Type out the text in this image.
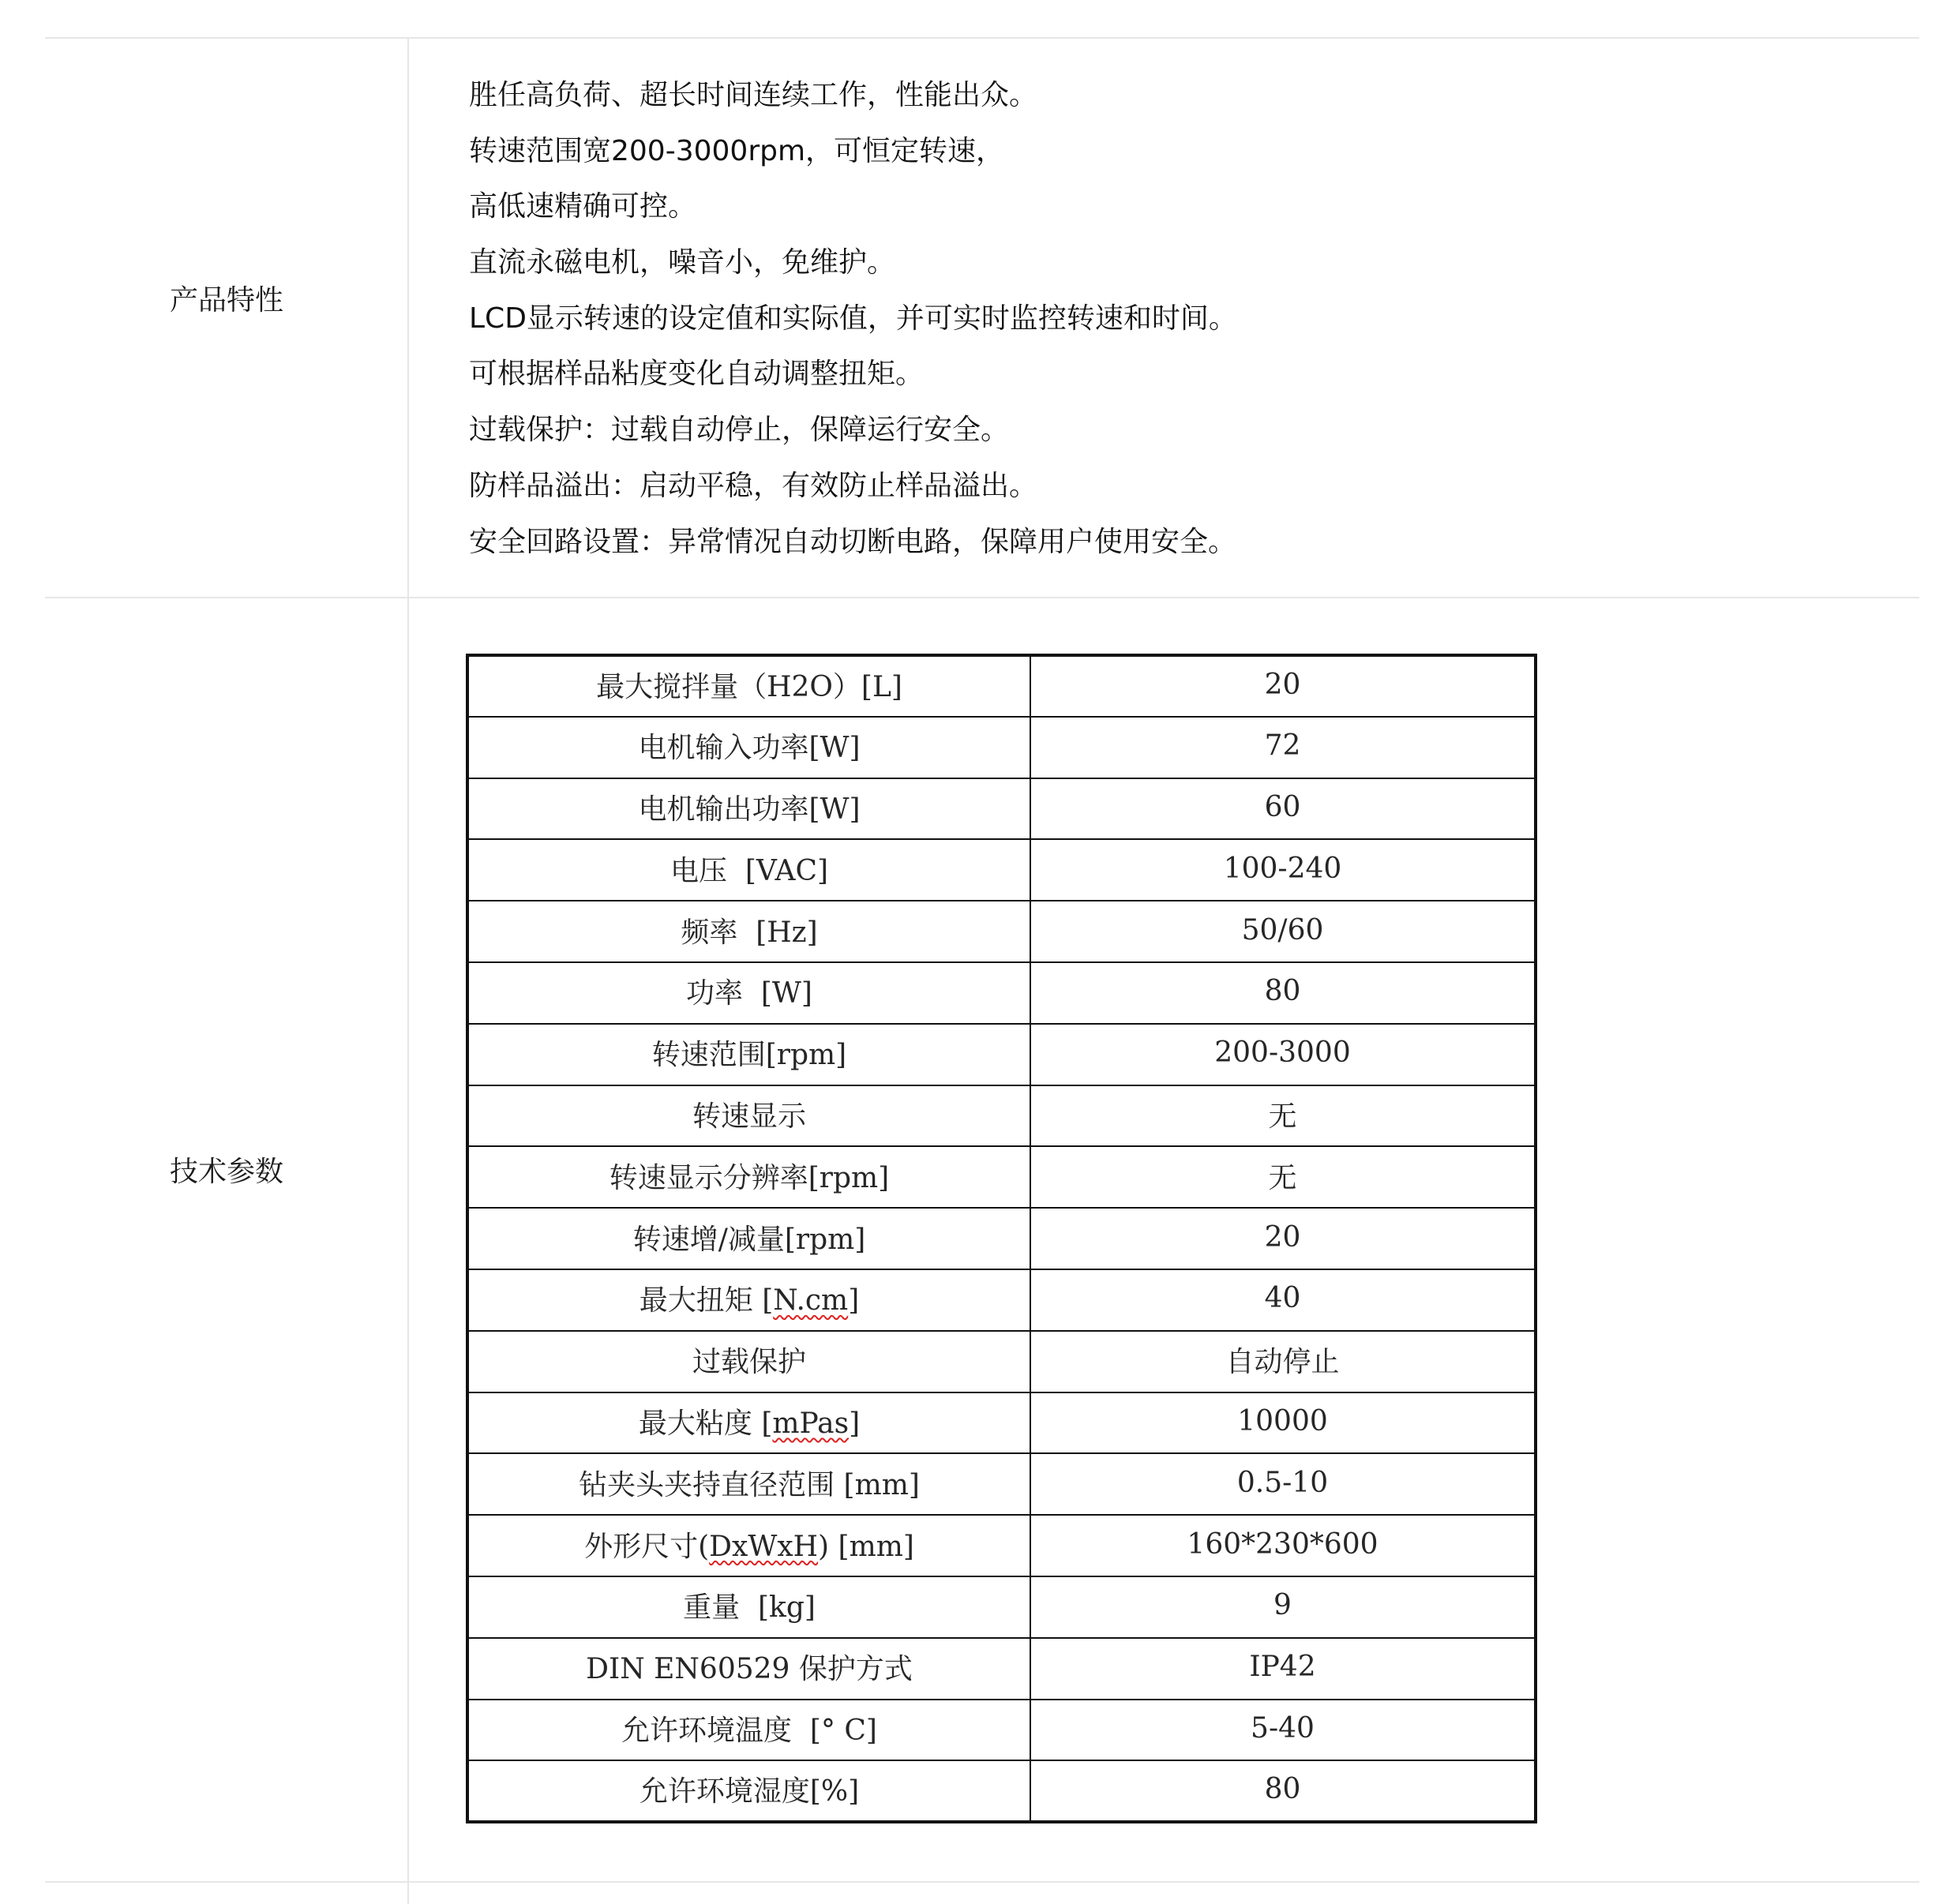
产品特性
胜任高负荷、超长时间连续工作，性能出众。
转速范围宽200-3000rpm，可恒定转速，
高低速精确可控。
直流永磁电机，噪音小，免维护。
LCD显示转速的设定值和实际值，并可实时监控转速和时间。
可根据样品粘度变化自动调整扭矩。
过载保护：过载自动停止，保障运行安全。
防样品溢出：启动平稳，有效防止样品溢出。
安全回路设置：异常情况自动切断电路，保障用户使用安全。
技术参数
最大搅拌量（H2O）[L]	20
电机输入功率[W]	72
电机输出功率[W]	60
电压  [VAC]	100-240
频率  [Hz]	50/60
功率  [W]	80
转速范围[rpm]	200-3000
转速显示	无
转速显示分辨率[rpm]	无
转速增/减量[rpm]	20
最大扭矩 [N.cm]	40
过载保护	自动停止
最大粘度 [mPas]	10000
钻夹头夹持直径范围 [mm]	0.5-10
外形尺寸(DxWxH) [mm]	160*230*600
重量  [kg]	9
DIN EN60529 保护方式	IP42
允许环境温度  [° C]	5-40
允许环境湿度[%]	80
